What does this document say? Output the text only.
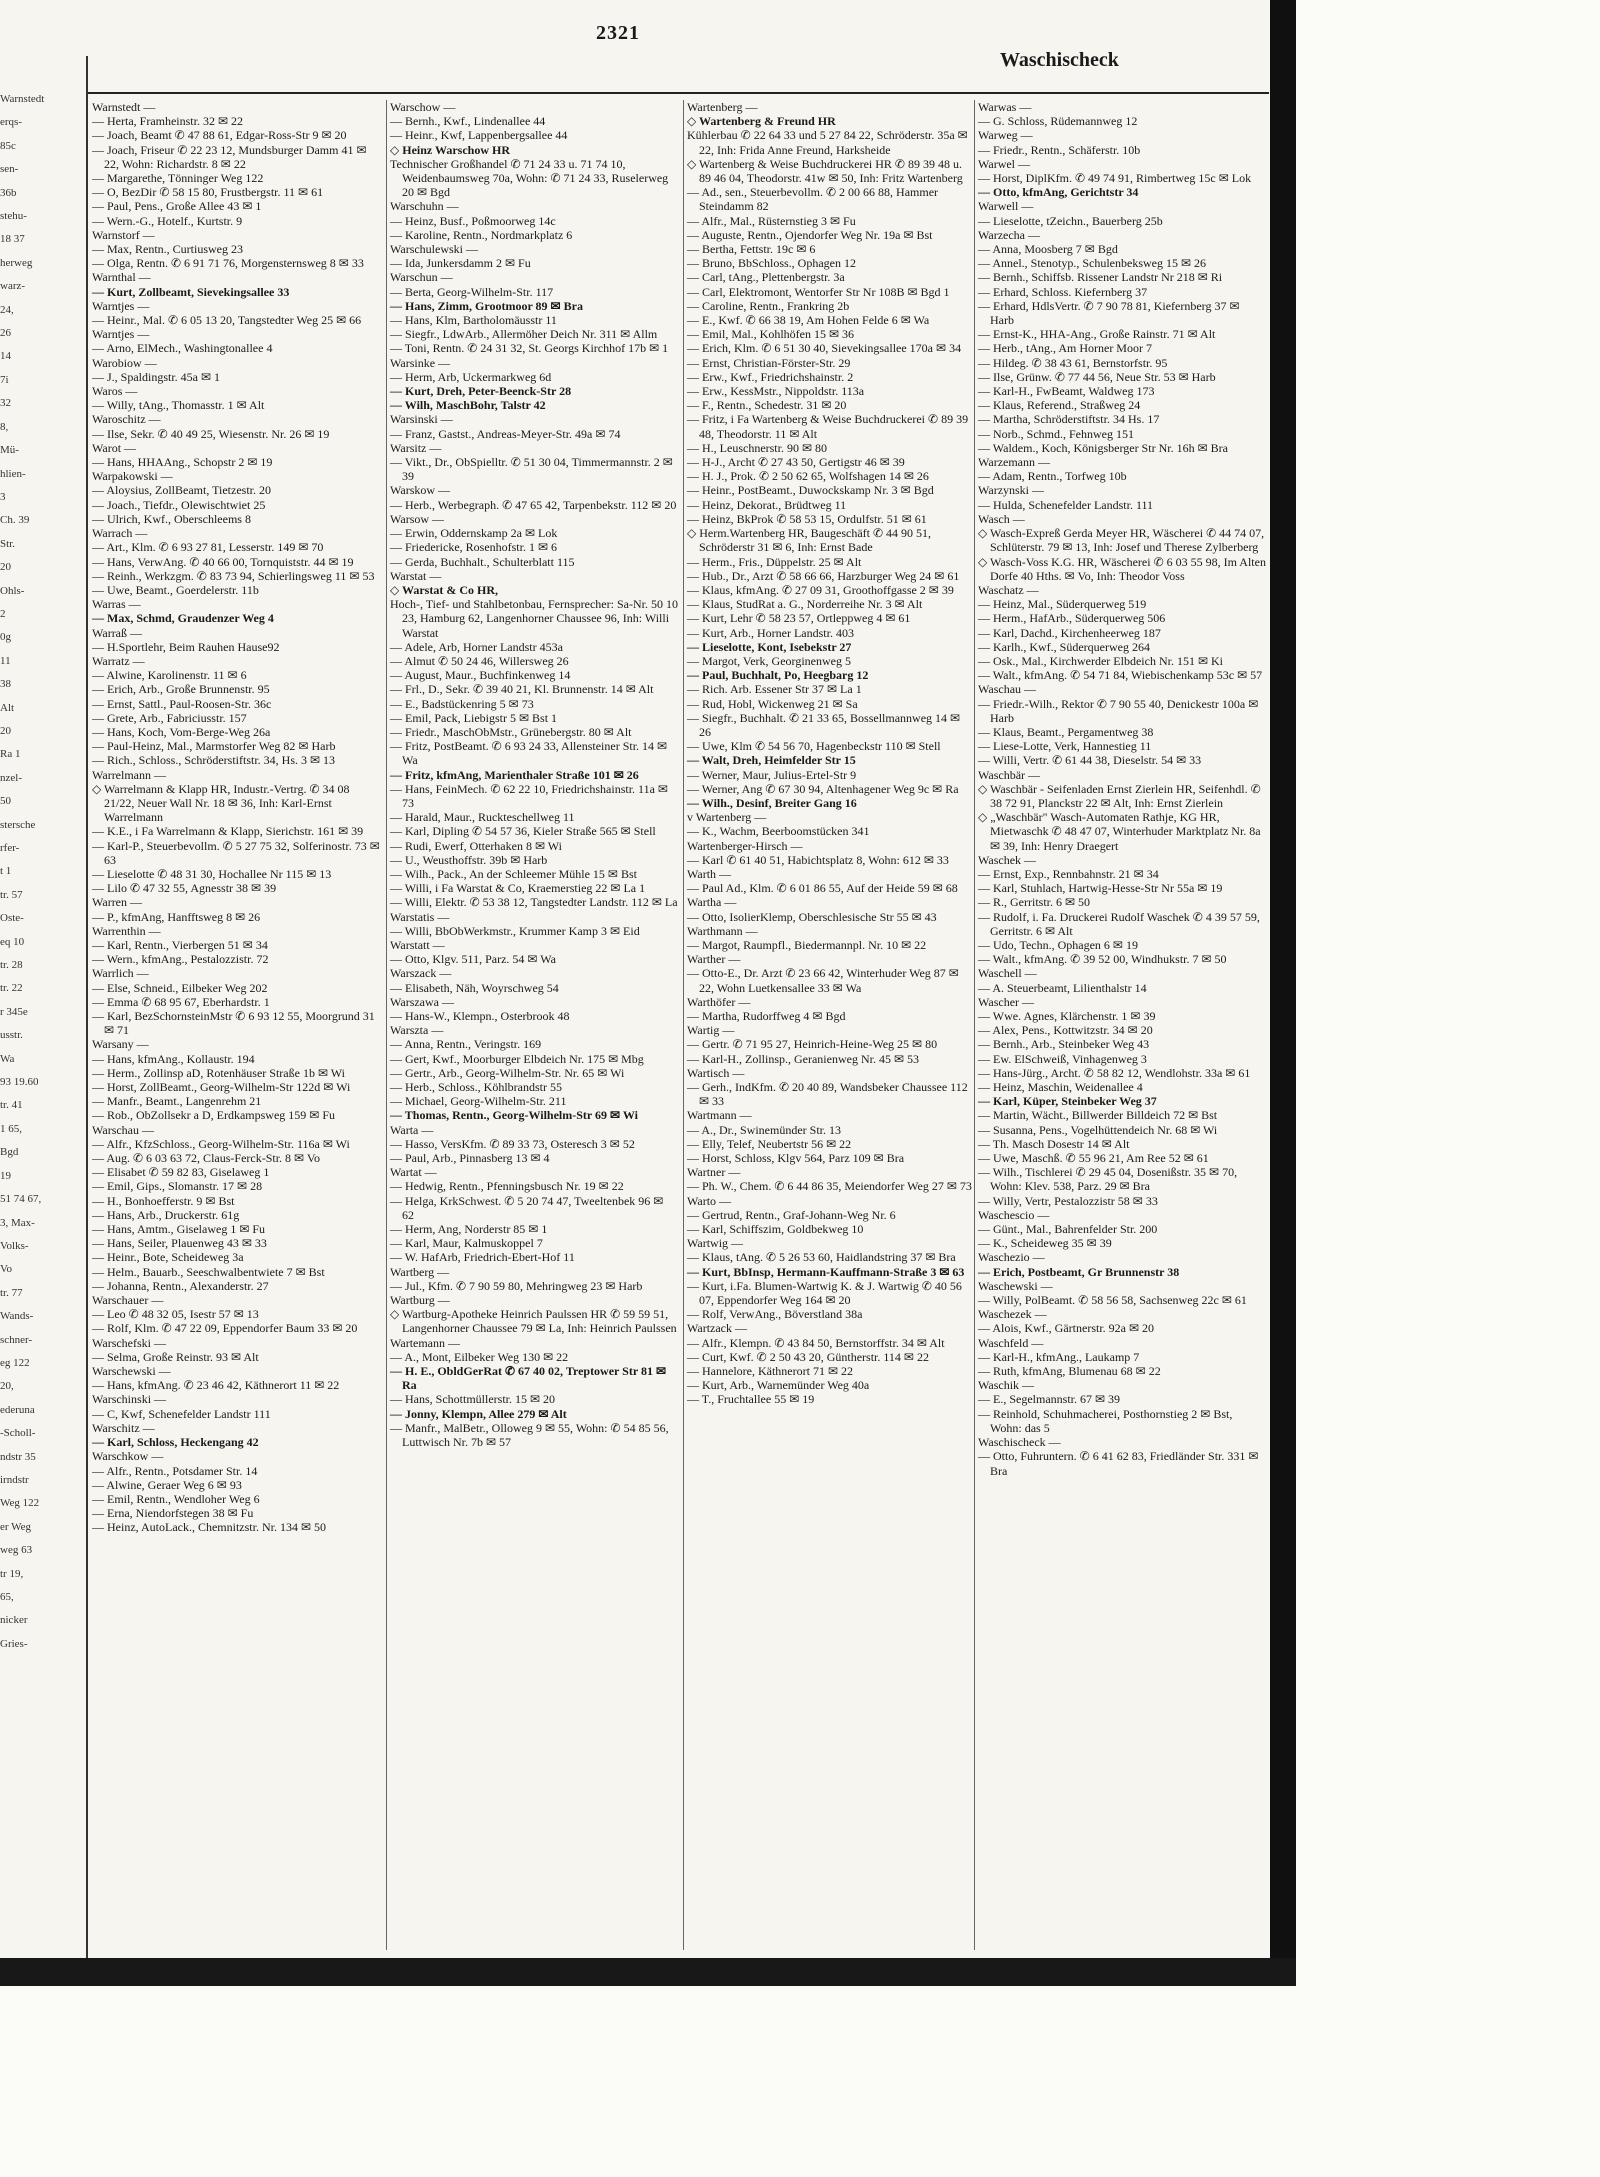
Warnstedt
erqs-
85c
sen-
36b
stehu-
18 37
herweg
warz-
24,
26
14
7i
32
8,
Mü-
hlien-
3
Ch. 39
Str.
20
Ohls-
2
0g
11
38
Alt
20
Ra 1
nzel-
50
stersche
rfer-
t 1
tr. 57
Oste-
eq 10
tr. 28
tr. 22
r 345e
usstr.
Wa
93 19.60
tr. 41
1 65,
Bgd
19
51 74 67,
3, Max-
Volks-
Vo
tr. 77
Wands-
schner-
eg 122
20,
ederuna
-Scholl-
ndstr 35
irndstr
Weg 122
er Weg
weg 63
tr 19,
65,
nicker
Gries-
2321
Waschischeck
Warnstedt —
— Herta, Framheinstr. 32 ✉ 22
— Joach, Beamt ✆ 47 88 61, Edgar-Ross-Str 9 ✉ 20
— Joach, Friseur ✆ 22 23 12, Mundsburger Damm 41 ✉ 22, Wohn: Richardstr. 8 ✉ 22
— Margarethe, Tönninger Weg 122
— O, BezDir ✆ 58 15 80, Frustbergstr. 11 ✉ 61
— Paul, Pens., Große Allee 43 ✉ 1
— Wern.-G., Hotelf., Kurtstr. 9
Warnstorf —
— Max, Rentn., Curtiusweg 23
— Olga, Rentn. ✆ 6 91 71 76, Morgensternsweg 8 ✉ 33
Warnthal —
— Kurt, Zollbeamt, Sievekingsallee 33
Warntjes —
— Heinr., Mal. ✆ 6 05 13 20, Tangstedter Weg 25 ✉ 66
Warntjes —
— Arno, ElMech., Washingtonallee 4
Warobiow —
— J., Spaldingstr. 45a ✉ 1
Waros —
— Willy, tAng., Thomasstr. 1 ✉ Alt
Waroschitz —
— Ilse, Sekr. ✆ 40 49 25, Wiesenstr. Nr. 26 ✉ 19
Warot —
— Hans, HHAAng., Schopstr 2 ✉ 19
Warpakowski —
— Aloysius, ZollBeamt, Tietzestr. 20
— Joach., Tiefdr., Olewischtwiet 25
— Ulrich, Kwf., Oberschleems 8
Warrach —
— Art., Klm. ✆ 6 93 27 81, Lesserstr. 149 ✉ 70
— Hans, VerwAng. ✆ 40 66 00, Tornquiststr. 44 ✉ 19
— Reinh., Werkzgm. ✆ 83 73 94, Schierlingsweg 11 ✉ 53
— Uwe, Beamt., Goerdelerstr. 11b
Warras —
— Max, Schmd, Graudenzer Weg 4
Warraß —
— H.Sportlehr, Beim Rauhen Hause92
Warratz —
— Alwine, Karolinenstr. 11 ✉ 6
— Erich, Arb., Große Brunnenstr. 95
— Ernst, Sattl., Paul-Roosen-Str. 36c
— Grete, Arb., Fabriciusstr. 157
— Hans, Koch, Vom-Berge-Weg 26a
— Paul-Heinz, Mal., Marmstorfer Weg 82 ✉ Harb
— Rich., Schloss., Schröderstiftstr. 34, Hs. 3 ✉ 13
Warrelmann —
◇ Warrelmann & Klapp HR, Industr.-Vertrg. ✆ 34 08 21/22, Neuer Wall Nr. 18 ✉ 36, Inh: Karl-Ernst Warrelmann
— K.E., i Fa Warrelmann & Klapp, Sierichstr. 161 ✉ 39
— Karl-P., Steuerbevollm. ✆ 5 27 75 32, Solferinostr. 73 ✉ 63
— Lieselotte ✆ 48 31 30, Hochallee Nr 115 ✉ 13
— Lilo ✆ 47 32 55, Agnesstr 38 ✉ 39
Warren —
— P., kfmAng, Hanfftsweg 8 ✉ 26
Warrenthin —
— Karl, Rentn., Vierbergen 51 ✉ 34
— Wern., kfmAng., Pestalozzistr. 72
Warrlich —
— Else, Schneid., Eilbeker Weg 202
— Emma ✆ 68 95 67, Eberhardstr. 1
— Karl, BezSchornsteinMstr ✆ 6 93 12 55, Moorgrund 31 ✉ 71
Warsany —
— Hans, kfmAng., Kollaustr. 194
— Herm., Zollinsp aD, Rotenhäuser Straße 1b ✉ Wi
— Horst, ZollBeamt., Georg-Wilhelm-Str 122d ✉ Wi
— Manfr., Beamt., Langenrehm 21
— Rob., ObZollsekr a D, Erdkampsweg 159 ✉ Fu
Warschau —
— Alfr., KfzSchloss., Georg-Wilhelm-Str. 116a ✉ Wi
— Aug. ✆ 6 03 63 72, Claus-Ferck-Str. 8 ✉ Vo
— Elisabet ✆ 59 82 83, Giselaweg 1
— Emil, Gips., Slomanstr. 17 ✉ 28
— H., Bonhoefferstr. 9 ✉ Bst
— Hans, Arb., Druckerstr. 61g
— Hans, Amtm., Giselaweg 1 ✉ Fu
— Hans, Seiler, Plauenweg 43 ✉ 33
— Heinr., Bote, Scheideweg 3a
— Helm., Bauarb., Seeschwalbentwiete 7 ✉ Bst
— Johanna, Rentn., Alexanderstr. 27
Warschauer —
— Leo ✆ 48 32 05, Isestr 57 ✉ 13
— Rolf, Klm. ✆ 47 22 09, Eppendorfer Baum 33 ✉ 20
Warschefski —
— Selma, Große Reinstr. 93 ✉ Alt
Warschewski —
— Hans, kfmAng. ✆ 23 46 42, Käthnerort 11 ✉ 22
Warschinski —
— C, Kwf, Schenefelder Landstr 111
Warschitz —
— Karl, Schloss, Heckengang 42
Warschkow —
— Alfr., Rentn., Potsdamer Str. 14
— Alwine, Geraer Weg 6 ✉ 93
— Emil, Rentn., Wendloher Weg 6
— Erna, Niendorfstegen 38 ✉ Fu
— Heinz, AutoLack., Chemnitzstr. Nr. 134 ✉ 50
Warschow —
— Bernh., Kwf., Lindenallee 44
— Heinr., Kwf, Lappenbergsallee 44
◇ Heinz Warschow HR
Technischer Großhandel ✆ 71 24 33 u. 71 74 10, Weidenbaumsweg 70a, Wohn: ✆ 71 24 33, Ruselerweg 20 ✉ Bgd
Warschuhn —
— Heinz, Busf., Poßmoorweg 14c
— Karoline, Rentn., Nordmarkplatz 6
Warschulewski —
— Ida, Junkersdamm 2 ✉ Fu
Warschun —
— Berta, Georg-Wilhelm-Str. 117
— Hans, Zimm, Grootmoor 89 ✉ Bra
— Hans, Klm, Bartholomäusstr 11
— Siegfr., LdwArb., Allermöher Deich Nr. 311 ✉ Allm
— Toni, Rentn. ✆ 24 31 32, St. Georgs Kirchhof 17b ✉ 1
Warsinke —
— Herm, Arb, Uckermarkweg 6d
— Kurt, Dreh, Peter-Beenck-Str 28
— Wilh, MaschBohr, Talstr 42
Warsinski —
— Franz, Gastst., Andreas-Meyer-Str. 49a ✉ 74
Warsitz —
— Vikt., Dr., ObSpielltr. ✆ 51 30 04, Timmermannstr. 2 ✉ 39
Warskow —
— Herb., Werbegraph. ✆ 47 65 42, Tarpenbekstr. 112 ✉ 20
Warsow —
— Erwin, Oddernskamp 2a ✉ Lok
— Friedericke, Rosenhofstr. 1 ✉ 6
— Gerda, Buchhalt., Schulterblatt 115
Warstat —
◇ Warstat & Co HR,
Hoch-, Tief- und Stahlbetonbau, Fernsprecher: Sa-Nr. 50 10 23, Hamburg 62, Langenhorner Chaussee 96, Inh: Willi Warstat
— Adele, Arb, Horner Landstr 453a
— Almut ✆ 50 24 46, Willersweg 26
— August, Maur., Buchfinkenweg 14
— Frl., D., Sekr. ✆ 39 40 21, Kl. Brunnenstr. 14 ✉ Alt
— E., Badstückenring 5 ✉ 73
— Emil, Pack, Liebigstr 5 ✉ Bst 1
— Friedr., MaschObMstr., Grünebergstr. 80 ✉ Alt
— Fritz, PostBeamt. ✆ 6 93 24 33, Allensteiner Str. 14 ✉ Wa
— Fritz, kfmAng, Marienthaler Straße 101 ✉ 26
— Hans, FeinMech. ✆ 62 22 10, Friedrichshainstr. 11a ✉ 73
— Harald, Maur., Ruckteschellweg 11
— Karl, Dipling ✆ 54 57 36, Kieler Straße 565 ✉ Stell
— Rudi, Ewerf, Otterhaken 8 ✉ Wi
— U., Weusthoffstr. 39b ✉ Harb
— Wilh., Pack., An der Schleemer Mühle 15 ✉ Bst
— Willi, i Fa Warstat & Co, Kraemerstieg 22 ✉ La 1
— Willi, Elektr. ✆ 53 38 12, Tangstedter Landstr. 112 ✉ La
Warstatis —
— Willi, BbObWerkmstr., Krummer Kamp 3 ✉ Eid
Warstatt —
— Otto, Klgv. 511, Parz. 54 ✉ Wa
Warszack —
— Elisabeth, Näh, Woyrschweg 54
Warszawa —
— Hans-W., Klempn., Osterbrook 48
Warszta —
— Anna, Rentn., Veringstr. 169
— Gert, Kwf., Moorburger Elbdeich Nr. 175 ✉ Mbg
— Gertr., Arb., Georg-Wilhelm-Str. Nr. 65 ✉ Wi
— Herb., Schloss., Köhlbrandstr 55
— Michael, Georg-Wilhelm-Str. 211
— Thomas, Rentn., Georg-Wilhelm-Str 69 ✉ Wi
Warta —
— Hasso, VersKfm. ✆ 89 33 73, Osteresch 3 ✉ 52
— Paul, Arb., Pinnasberg 13 ✉ 4
Wartat —
— Hedwig, Rentn., Pfenningsbusch Nr. 19 ✉ 22
— Helga, KrkSchwest. ✆ 5 20 74 47, Tweeltenbek 96 ✉ 62
— Herm, Ang, Norderstr 85 ✉ 1
— Karl, Maur, Kalmuskoppel 7
— W. HafArb, Friedrich-Ebert-Hof 11
Wartberg —
— Jul., Kfm. ✆ 7 90 59 80, Mehringweg 23 ✉ Harb
Wartburg —
◇ Wartburg-Apotheke Heinrich Paulssen HR ✆ 59 59 51, Langenhorner Chaussee 79 ✉ La, Inh: Heinrich Paulssen
Wartemann —
— A., Mont, Eilbeker Weg 130 ✉ 22
— H. E., ObldGerRat ✆ 67 40 02, Treptower Str 81 ✉ Ra
— Hans, Schottmüllerstr. 15 ✉ 20
— Jonny, Klempn, Allee 279 ✉ Alt
— Manfr., MalBetr., Olloweg 9 ✉ 55, Wohn: ✆ 54 85 56, Luttwisch Nr. 7b ✉ 57
Wartenberg —
◇ Wartenberg & Freund HR
Kühlerbau ✆ 22 64 33 und 5 27 84 22, Schröderstr. 35a ✉ 22, Inh: Frida Anne Freund, Harksheide
◇ Wartenberg & Weise Buchdruckerei HR ✆ 89 39 48 u. 89 46 04, Theodorstr. 41w ✉ 50, Inh: Fritz Wartenberg
— Ad., sen., Steuerbevollm. ✆ 2 00 66 88, Hammer Steindamm 82
— Alfr., Mal., Rüsternstieg 3 ✉ Fu
— Auguste, Rentn., Ojendorfer Weg Nr. 19a ✉ Bst
— Bertha, Fettstr. 19c ✉ 6
— Bruno, BbSchloss., Ophagen 12
— Carl, tAng., Plettenbergstr. 3a
— Carl, Elektromont, Wentorfer Str Nr 108B ✉ Bgd 1
— Caroline, Rentn., Frankring 2b
— E., Kwf. ✆ 66 38 19, Am Hohen Felde 6 ✉ Wa
— Emil, Mal., Kohlhöfen 15 ✉ 36
— Erich, Klm. ✆ 6 51 30 40, Sievekingsallee 170a ✉ 34
— Ernst, Christian-Förster-Str. 29
— Erw., Kwf., Friedrichshainstr. 2
— Erw., KessMstr., Nippoldstr. 113a
— F., Rentn., Schedestr. 31 ✉ 20
— Fritz, i Fa Wartenberg & Weise Buchdruckerei ✆ 89 39 48, Theodorstr. 11 ✉ Alt
— H., Leuschnerstr. 90 ✉ 80
— H-J., Archt ✆ 27 43 50, Gertigstr 46 ✉ 39
— H. J., Prok. ✆ 2 50 62 65, Wolfshagen 14 ✉ 26
— Heinr., PostBeamt., Duwockskamp Nr. 3 ✉ Bgd
— Heinz, Dekorat., Brüdtweg 11
— Heinz, BkProk ✆ 58 53 15, Ordulfstr. 51 ✉ 61
◇ Herm.Wartenberg HR, Baugeschäft ✆ 44 90 51, Schröderstr 31 ✉ 6, Inh: Ernst Bade
— Herm., Fris., Düppelstr. 25 ✉ Alt
— Hub., Dr., Arzt ✆ 58 66 66, Harzburger Weg 24 ✉ 61
— Klaus, kfmAng. ✆ 27 09 31, Groothoffgasse 2 ✉ 39
— Klaus, StudRat a. G., Norderreihe Nr. 3 ✉ Alt
— Kurt, Lehr ✆ 58 23 57, Ortleppweg 4 ✉ 61
— Kurt, Arb., Horner Landstr. 403
— Lieselotte, Kont, Isebekstr 27
— Margot, Verk, Georginenweg 5
— Paul, Buchhalt, Po, Heegbarg 12
— Rich. Arb. Essener Str 37 ✉ La 1
— Rud, Hobl, Wickenweg 21 ✉ Sa
— Siegfr., Buchhalt. ✆ 21 33 65, Bossellmannweg 14 ✉ 26
— Uwe, Klm ✆ 54 56 70, Hagenbeckstr 110 ✉ Stell
— Walt, Dreh, Heimfelder Str 15
— Werner, Maur, Julius-Ertel-Str 9
— Werner, Ang ✆ 67 30 94, Altenhagener Weg 9c ✉ Ra
— Wilh., Desinf, Breiter Gang 16
v Wartenberg —
— K., Wachm, Beerboomstücken 341
Wartenberger-Hirsch —
— Karl ✆ 61 40 51, Habichtsplatz 8, Wohn: 612 ✉ 33
Warth —
— Paul Ad., Klm. ✆ 6 01 86 55, Auf der Heide 59 ✉ 68
Wartha —
— Otto, IsolierKlemp, Oberschlesische Str 55 ✉ 43
Warthmann —
— Margot, Raumpfl., Biedermannpl. Nr. 10 ✉ 22
Warther —
— Otto-E., Dr. Arzt ✆ 23 66 42, Winterhuder Weg 87 ✉ 22, Wohn Luetkensallee 33 ✉ Wa
Warthöfer —
— Martha, Rudorffweg 4 ✉ Bgd
Wartig —
— Gertr. ✆ 71 95 27, Heinrich-Heine-Weg 25 ✉ 80
— Karl-H., Zollinsp., Geranienweg Nr. 45 ✉ 53
Wartisch —
— Gerh., IndKfm. ✆ 20 40 89, Wandsbeker Chaussee 112 ✉ 33
Wartmann —
— A., Dr., Swinemünder Str. 13
— Elly, Telef, Neubertstr 56 ✉ 22
— Horst, Schloss, Klgv 564, Parz 109 ✉ Bra
Wartner —
— Ph. W., Chem. ✆ 6 44 86 35, Meiendorfer Weg 27 ✉ 73
Warto —
— Gertrud, Rentn., Graf-Johann-Weg Nr. 6
— Karl, Schiffszim, Goldbekweg 10
Wartwig —
— Klaus, tAng. ✆ 5 26 53 60, Haidlandstring 37 ✉ Bra
— Kurt, BbInsp, Hermann-Kauffmann-Straße 3 ✉ 63
— Kurt, i.Fa. Blumen-Wartwig K. & J. Wartwig ✆ 40 56 07, Eppendorfer Weg 164 ✉ 20
— Rolf, VerwAng., Böverstland 38a
Wartzack —
— Alfr., Klempn. ✆ 43 84 50, Bernstorffstr. 34 ✉ Alt
— Curt, Kwf. ✆ 2 50 43 20, Güntherstr. 114 ✉ 22
— Hannelore, Käthnerort 71 ✉ 22
— Kurt, Arb., Warnemünder Weg 40a
— T., Fruchtallee 55 ✉ 19
Warwas —
— G. Schloss, Rüdemannweg 12
Warweg —
— Friedr., Rentn., Schäferstr. 10b
Warwel —
— Horst, DiplKfm. ✆ 49 74 91, Rimbertweg 15c ✉ Lok
— Otto, kfmAng, Gerichtstr 34
Warwell —
— Lieselotte, tZeichn., Bauerberg 25b
Warzecha —
— Anna, Moosberg 7 ✉ Bgd
— Annel., Stenotyp., Schulenbeksweg 15 ✉ 26
— Bernh., Schiffsb. Rissener Landstr Nr 218 ✉ Ri
— Erhard, Schloss. Kiefernberg 37
— Erhard, HdlsVertr. ✆ 7 90 78 81, Kiefernberg 37 ✉ Harb
— Ernst-K., HHA-Ang., Große Rainstr. 71 ✉ Alt
— Herb., tAng., Am Horner Moor 7
— Hildeg. ✆ 38 43 61, Bernstorfstr. 95
— Ilse, Grünw. ✆ 77 44 56, Neue Str. 53 ✉ Harb
— Karl-H., FwBeamt, Waldweg 173
— Klaus, Referend., Straßweg 24
— Martha, Schröderstiftstr. 34 Hs. 17
— Norb., Schmd., Fehnweg 151
— Waldem., Koch, Königsberger Str Nr. 16h ✉ Bra
Warzemann —
— Adam, Rentn., Torfweg 10b
Warzynski —
— Hulda, Schenefelder Landstr. 111
Wasch —
◇ Wasch-Expreß Gerda Meyer HR, Wäscherei ✆ 44 74 07, Schlüterstr. 79 ✉ 13, Inh: Josef und Therese Zylberberg
◇ Wasch-Voss K.G. HR, Wäscherei ✆ 6 03 55 98, Im Alten Dorfe 40 Hths. ✉ Vo, Inh: Theodor Voss
Waschatz —
— Heinz, Mal., Süderquerweg 519
— Herm., HafArb., Süderquerweg 506
— Karl, Dachd., Kirchenheerweg 187
— Karlh., Kwf., Süderquerweg 264
— Osk., Mal., Kirchwerder Elbdeich Nr. 151 ✉ Ki
— Walt., kfmAng. ✆ 54 71 84, Wiebischenkamp 53c ✉ 57
Waschau —
— Friedr.-Wilh., Rektor ✆ 7 90 55 40, Denickestr 100a ✉ Harb
— Klaus, Beamt., Pergamentweg 38
— Liese-Lotte, Verk, Hannestieg 11
— Willi, Vertr. ✆ 61 44 38, Dieselstr. 54 ✉ 33
Waschbär —
◇ Waschbär - Seifenladen Ernst Zierlein HR, Seifenhdl. ✆ 38 72 91, Planckstr 22 ✉ Alt, Inh: Ernst Zierlein
◇ „Waschbär" Wasch-Automaten Rathje, KG HR, Mietwaschk ✆ 48 47 07, Winterhuder Marktplatz Nr. 8a ✉ 39, Inh: Henry Draegert
Waschek —
— Ernst, Exp., Rennbahnstr. 21 ✉ 34
— Karl, Stuhlach, Hartwig-Hesse-Str Nr 55a ✉ 19
— R., Gerritstr. 6 ✉ 50
— Rudolf, i. Fa. Druckerei Rudolf Waschek ✆ 4 39 57 59, Gerritstr. 6 ✉ Alt
— Udo, Techn., Ophagen 6 ✉ 19
— Walt., kfmAng. ✆ 39 52 00, Windhukstr. 7 ✉ 50
Waschell —
— A. Steuerbeamt, Lilienthalstr 14
Wascher —
— Wwe. Agnes, Klärchenstr. 1 ✉ 39
— Alex, Pens., Kottwitzstr. 34 ✉ 20
— Bernh., Arb., Steinbeker Weg 43
— Ew. ElSchweiß, Vinhagenweg 3
— Hans-Jürg., Archt. ✆ 58 82 12, Wendlohstr. 33a ✉ 61
— Heinz, Maschin, Weidenallee 4
— Karl, Küper, Steinbeker Weg 37
— Martin, Wächt., Billwerder Billdeich 72 ✉ Bst
— Susanna, Pens., Vogelhüttendeich Nr. 68 ✉ Wi
— Th. Masch Dosestr 14 ✉ Alt
— Uwe, Maschß. ✆ 55 96 21, Am Ree 52 ✉ 61
— Wilh., Tischlerei ✆ 29 45 04, Dosenißstr. 35 ✉ 70, Wohn: Klev. 538, Parz. 29 ✉ Bra
— Willy, Vertr, Pestalozzistr 58 ✉ 33
Waschescio —
— Günt., Mal., Bahrenfelder Str. 200
— K., Scheideweg 35 ✉ 39
Waschezio —
— Erich, Postbeamt, Gr Brunnenstr 38
Waschewski —
— Willy, PolBeamt. ✆ 58 56 58, Sachsenweg 22c ✉ 61
Waschezek —
— Alois, Kwf., Gärtnerstr. 92a ✉ 20
Waschfeld —
— Karl-H., kfmAng., Laukamp 7
— Ruth, kfmAng, Blumenau 68 ✉ 22
Waschik —
— E., Segelmannstr. 67 ✉ 39
— Reinhold, Schuhmacherei, Posthornstieg 2 ✉ Bst, Wohn: das 5
Waschischeck —
— Otto, Fuhruntern. ✆ 6 41 62 83, Friedländer Str. 331 ✉ Bra
